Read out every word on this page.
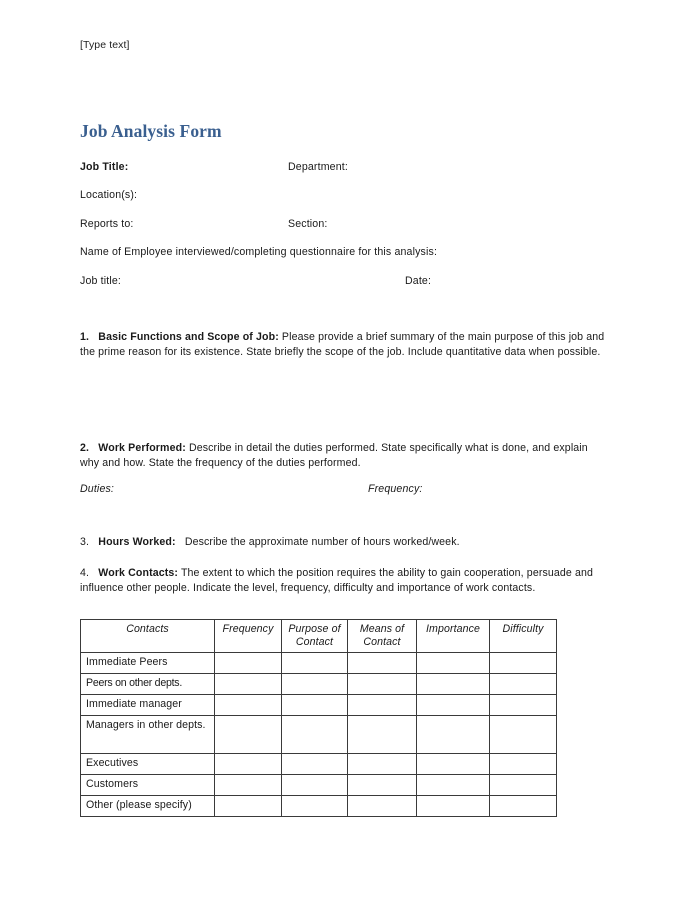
[Type text]
Job Analysis Form
Job Title:	Department:
Location(s):
Reports to:	Section:
Name of Employee interviewed/completing questionnaire for this analysis:
Job title:	Date:
1. Basic Functions and Scope of Job: Please provide a brief summary of the main purpose of this job and the prime reason for its existence. State briefly the scope of the job. Include quantitative data when possible.
2. Work Performed: Describe in detail the duties performed. State specifically what is done, and explain why and how. State the frequency of the duties performed.
Duties:	Frequency:
3. Hours Worked: Describe the approximate number of hours worked/week.
4. Work Contacts: The extent to which the position requires the ability to gain cooperation, persuade and influence other people. Indicate the level, frequency, difficulty and importance of work contacts.
Contacts	Frequency	Purpose of Contact	Means of Contact	Importance	Difficulty
Immediate Peers					
Peers on other depts.					
Immediate manager					
Managers in other depts.					
Executives					
Customers					
Other (please specify)					
